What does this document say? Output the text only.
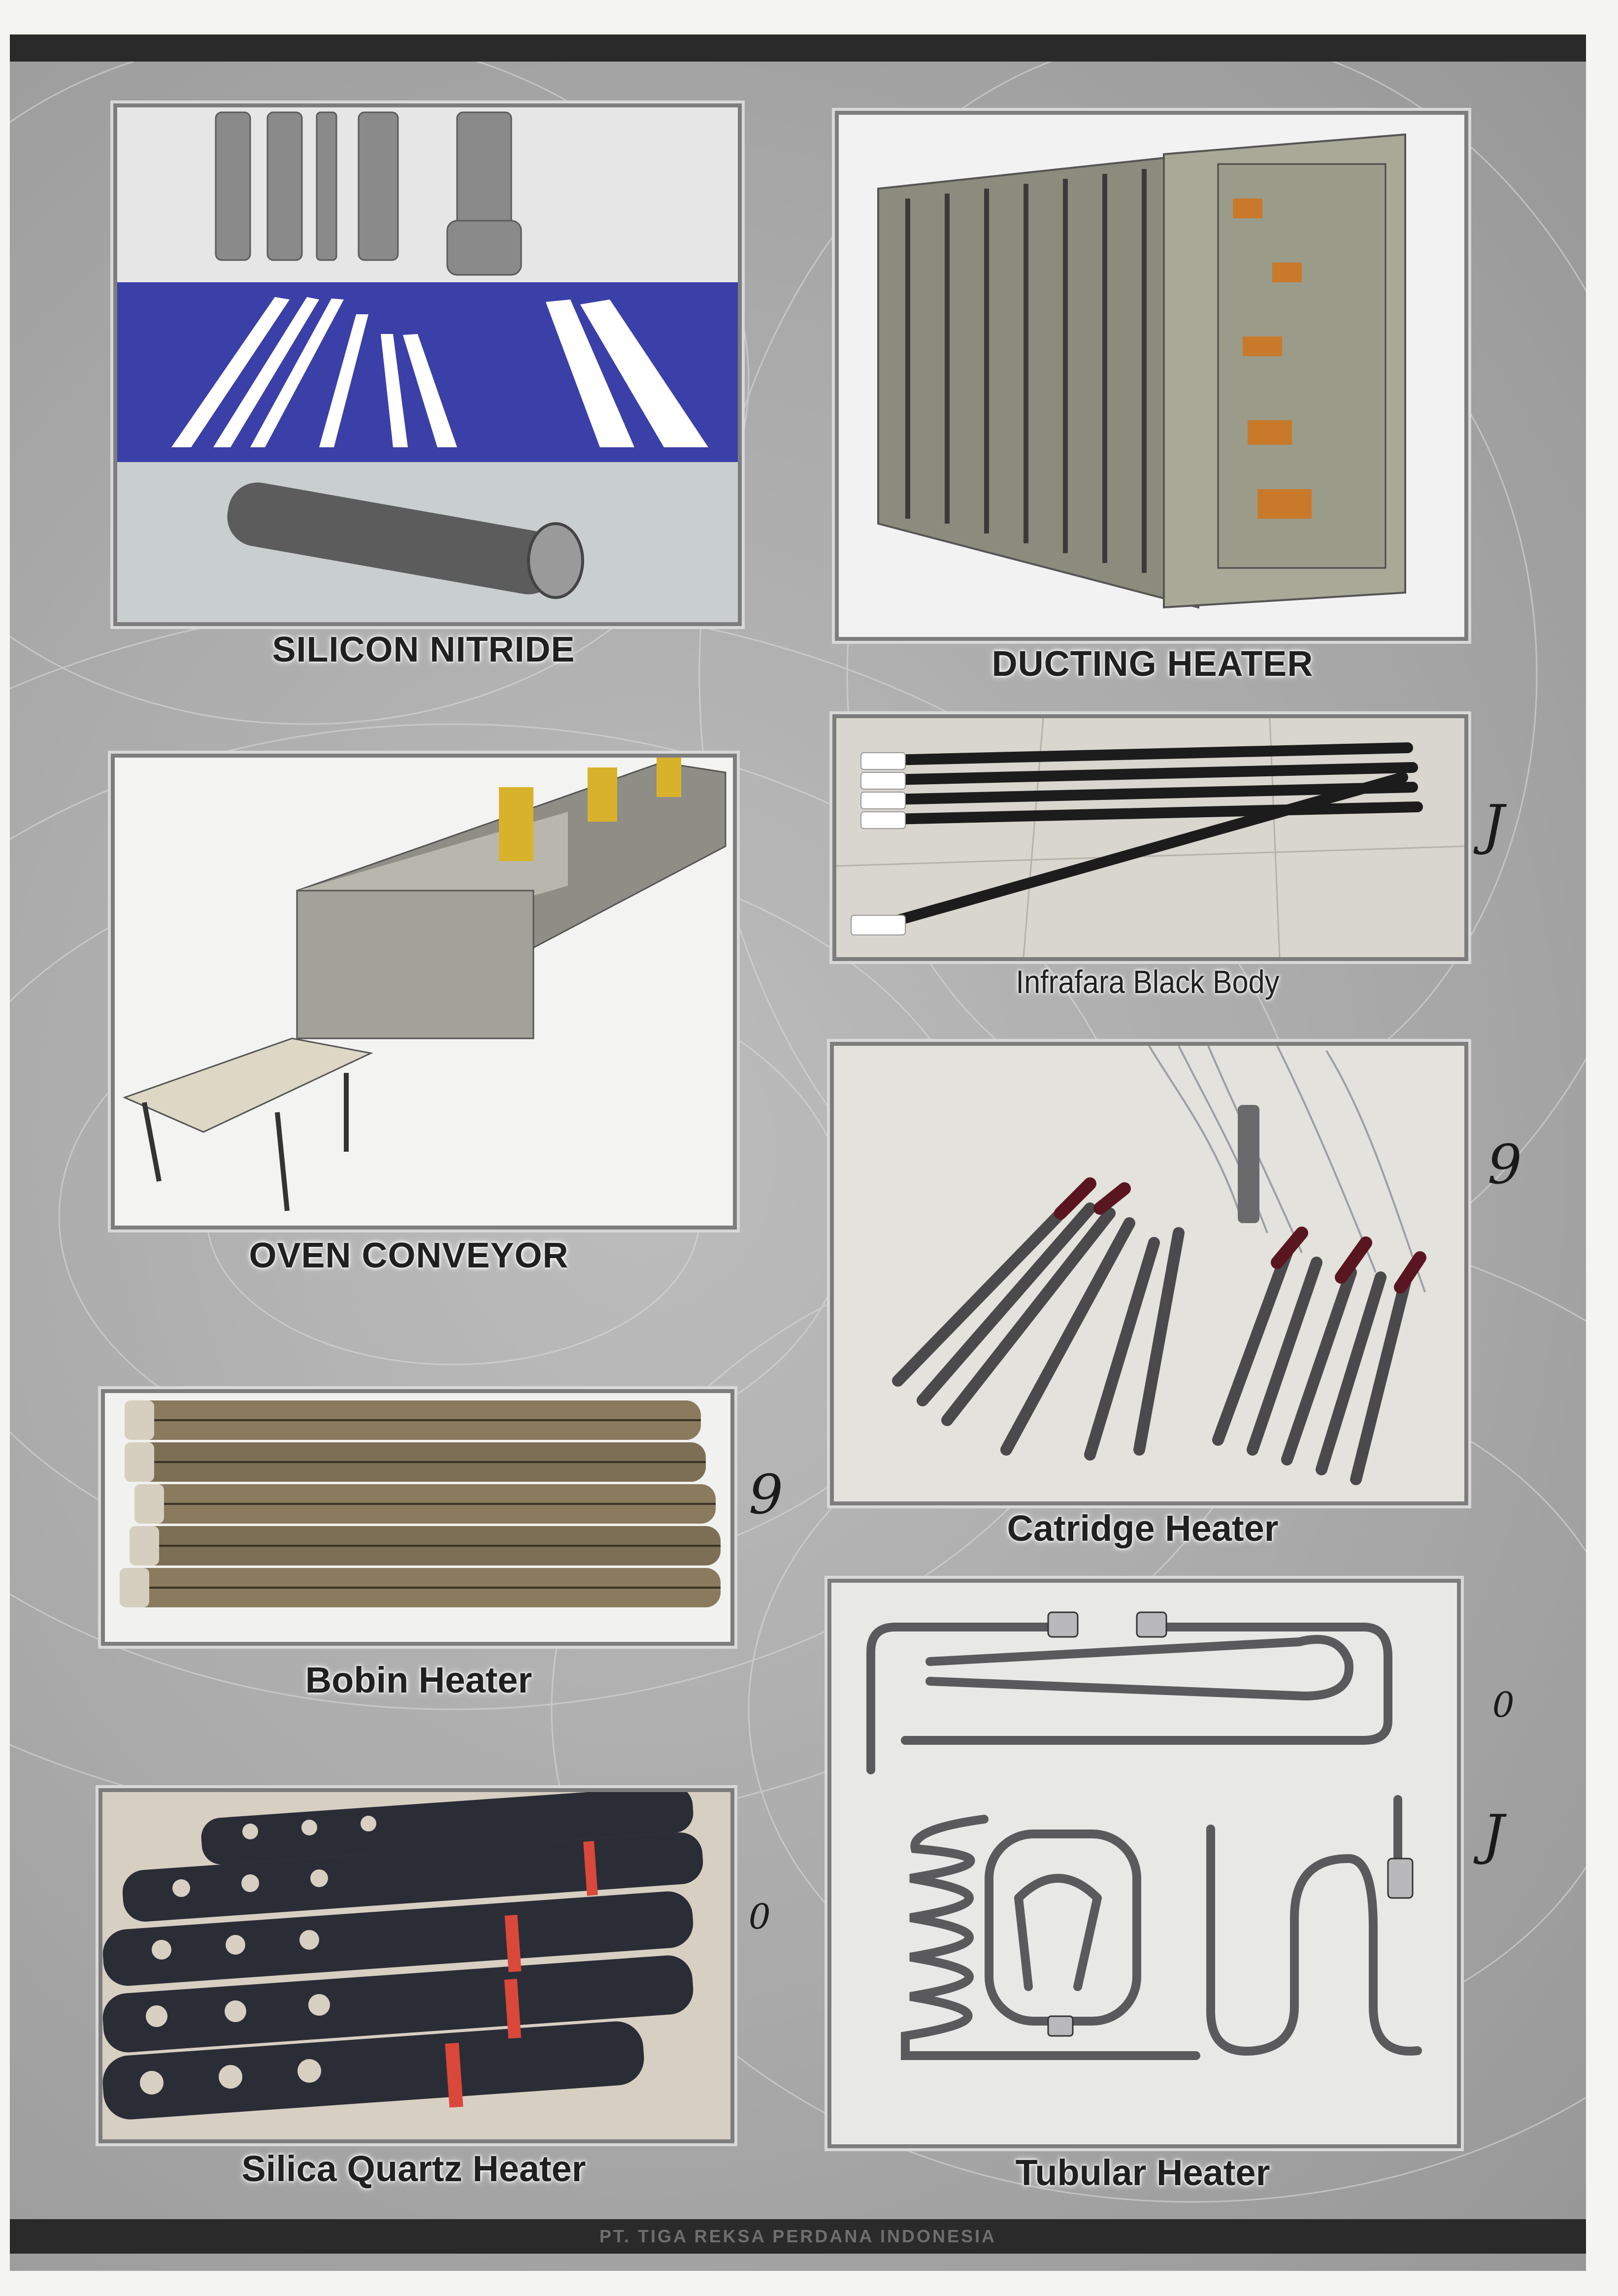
PT. TIGA REKSA PERDANA INDONESIA
SILICON NITRIDE	DUCTING HEATER
OVEN CONVEYOR
Infrafara Black Body
Catridge Heater
Bobin Heater
Silica Quartz Heater	Tubular Heater
J
9
9
0
J
0
